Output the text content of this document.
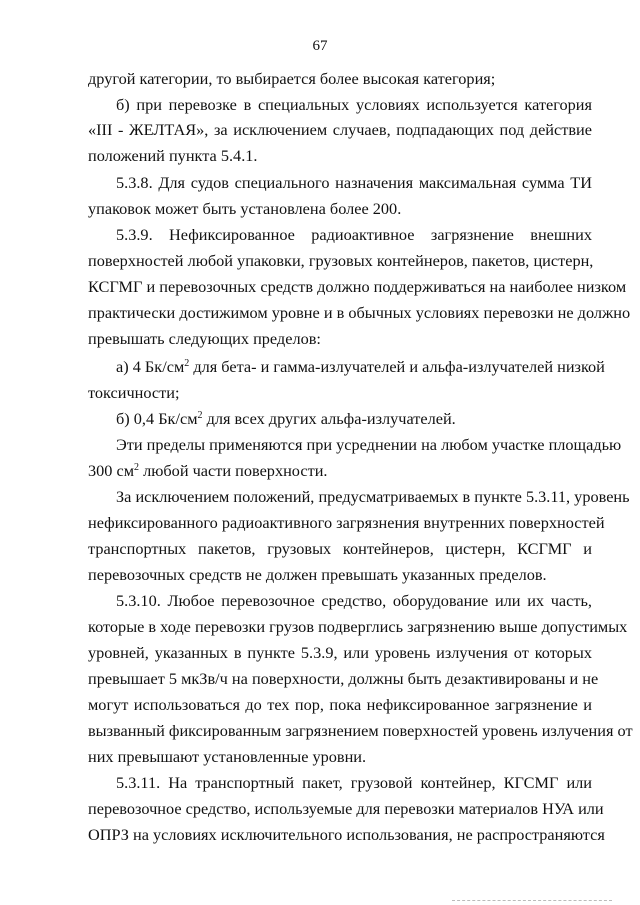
67
другой категории, то выбирается более высокая категория;
б) при перевозке в специальных условиях используется категория
«III - ЖЕЛТАЯ», за исключением случаев, подпадающих под действие
положений пункта 5.4.1.
5.3.8. Для судов специального назначения максимальная сумма ТИ
упаковок может быть установлена более 200.
5.3.9. Нефиксированное радиоактивное загрязнение внешних
поверхностей любой упаковки, грузовых контейнеров, пакетов, цистерн,
КСГМГ и перевозочных средств должно поддерживаться на наиболее низком
практически достижимом уровне и в обычных условиях перевозки не должно
превышать следующих пределов:
а) 4 $Бк/см^2$ для бета- и гамма-излучателей и альфа-излучателей низкой
токсичности;
б) 0,4 $Бк/см^2$ для всех других альфа-излучателей.
Эти пределы применяются при усреднении на любом участке площадью
300 $см^2$ любой части поверхности.
За исключением положений, предусматриваемых в пункте 5.3.11, уровень
нефиксированного радиоактивного загрязнения внутренних поверхностей
транспортных пакетов, грузовых контейнеров, цистерн, КСГМГ и
перевозочных средств не должен превышать указанных пределов.
5.3.10. Любое перевозочное средство, оборудование или их часть,
которые в ходе перевозки грузов подверглись загрязнению выше допустимых
уровней, указанных в пункте 5.3.9, или уровень излучения от которых
превышает 5 мкЗв/ч на поверхности, должны быть дезактивированы и не
могут использоваться до тех пор, пока нефиксированное загрязнение и
вызванный фиксированным загрязнением поверхностей уровень излучения от
них превышают установленные уровни.
5.3.11. На транспортный пакет, грузовой контейнер, КГСМГ или
перевозочное средство, используемые для перевозки материалов НУА или
ОПРЗ на условиях исключительного использования, не распространяются
